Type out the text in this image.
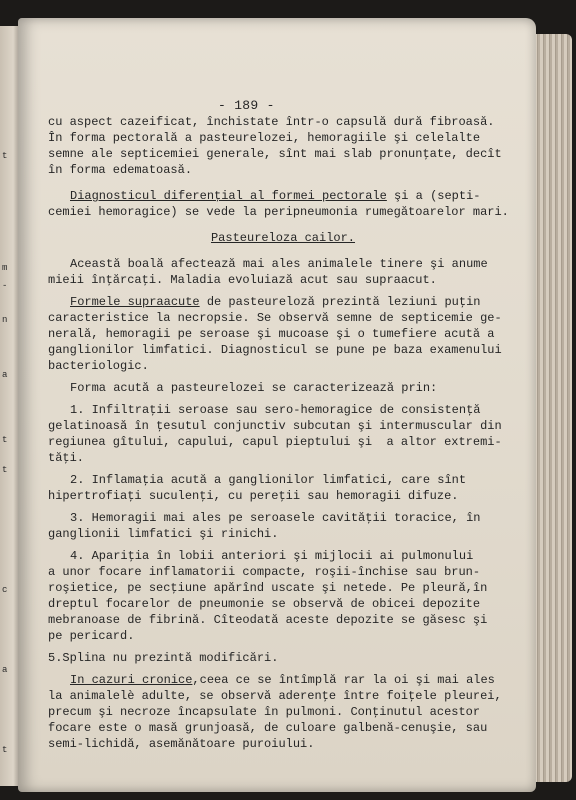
t
m
-
n
a
t
t
c
a
t
- 189 -

cu aspect cazeificat, închistate într-o capsulă dură fibroasă.

În forma pectorală a pasteurelozei, hemoragiile şi celelalte

semne ale septicemiei generale, sînt mai slab pronunţate, decît

în forma edematoasă.

Diagnosticul diferenţial al formei pectorale şi a (septi-

cemiei hemoragice) se vede la peripneumonia rumegătoarelor mari.

Pasteureloza cailor.

Această boală afectează mai ales animalele tinere şi anume

mieii înţărcaţi. Maladia evoluiază acut sau supraacut.

Formele supraacute de pasteureloză prezintă leziuni puţin

caracteristice la necropsie. Se observă semne de septicemie ge-

nerală, hemoragii pe seroase şi mucoase şi o tumefiere acută a

ganglionilor limfatici. Diagnosticul se pune pe baza examenului

bacteriologic.

Forma acută a pasteurelozei se caracterizează prin:

1. Infiltraţii seroase sau sero-hemoragice de consistenţă

gelatinoasă în ţesutul conjunctiv subcutan şi intermuscular din

regiunea gîtului, capului, capul pieptului şi  a altor extremi-

tăţi.

2. Inflamaţia acută a ganglionilor limfatici, care sînt

hipertrofiaţi suculenţi, cu pereţii sau hemoragii difuze.

3. Hemoragii mai ales pe seroasele cavităţii toracice, în

ganglionii limfatici şi rinichi.

4. Apariţia în lobii anteriori şi mijlocii ai pulmonului

a unor focare inflamatorii compacte, roşii-închise sau brun-

roşietice, pe secţiune apărînd uscate şi netede. Pe pleură,în

dreptul focarelor de pneumonie se observă de obicei depozite

mebranoase de fibrină. Cîteodată aceste depozite se găsesc şi

pe pericard.

5.Splina nu prezintă modificări.

In cazuri cronice,ceea ce se întîmplă rar la oi şi mai ales

la animalelè adulte, se observă aderenţe între foiţele pleurei,

precum şi necroze încapsulate în pulmoni. Conţinutul acestor

focare este o masă grunjoasă, de culoare galbenă-cenuşie, sau

semi-lichidă, asemănătoare puroiului.
